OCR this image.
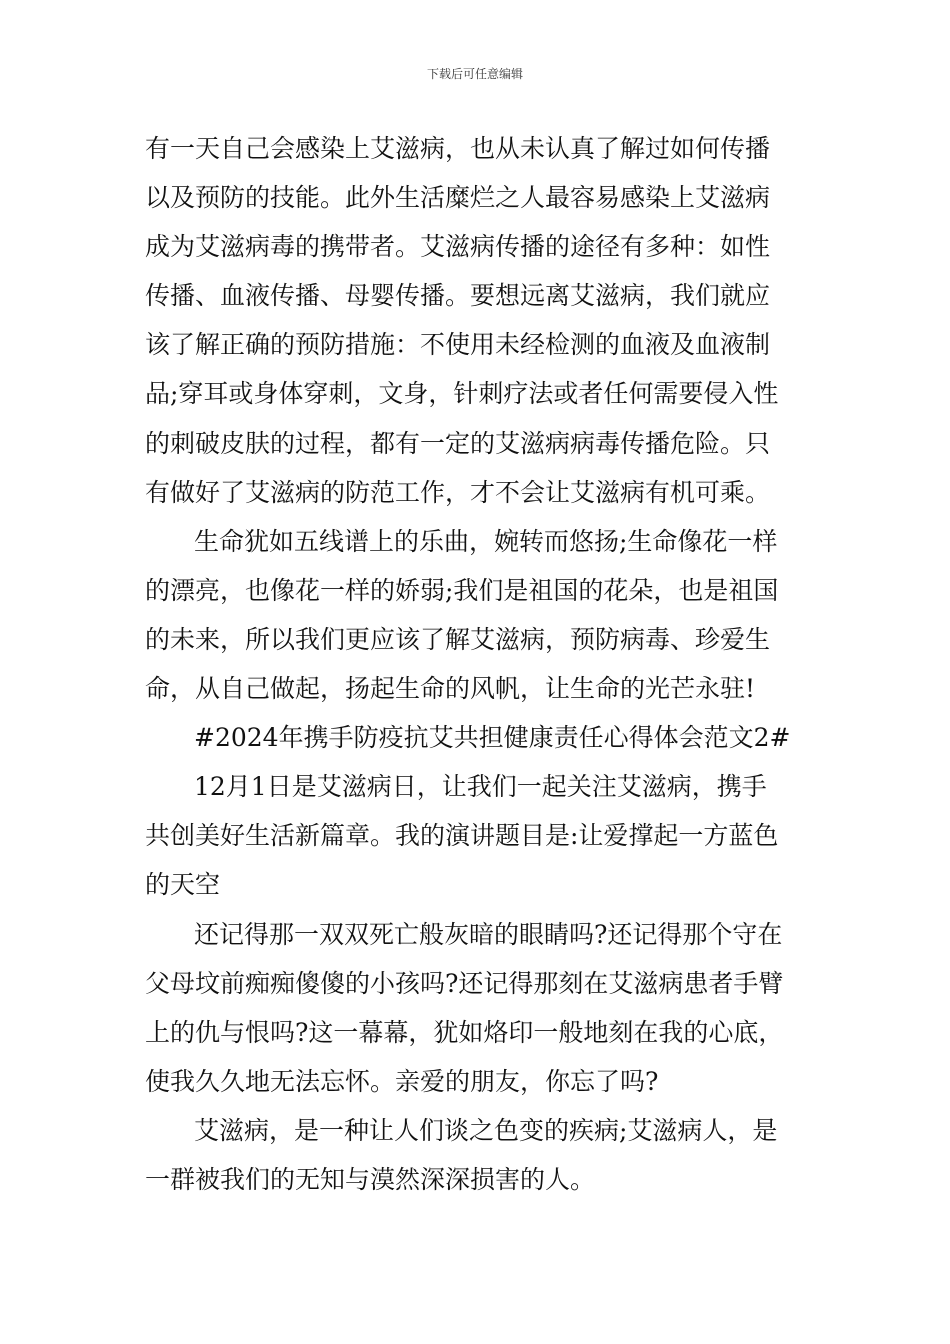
下载后可任意编辑
有一天自己会感染上艾滋病，也从未认真了解过如何传播
以及预防的技能。此外生活糜烂之人最容易感染上艾滋病
成为艾滋病毒的携带者。艾滋病传播的途径有多种：如性
传播、血液传播、母婴传播。要想远离艾滋病，我们就应
该了解正确的预防措施：不使用未经检测的血液及血液制
品;穿耳或身体穿刺，文身，针刺疗法或者任何需要侵入性
的刺破皮肤的过程，都有一定的艾滋病病毒传播危险。只
有做好了艾滋病的防范工作，才不会让艾滋病有机可乘。
生命犹如五线谱上的乐曲，婉转而悠扬;生命像花一样
的漂亮，也像花一样的娇弱;我们是祖国的花朵，也是祖国
的未来，所以我们更应该了解艾滋病，预防病毒、珍爱生
命，从自己做起，扬起生命的风帆，让生命的光芒永驻!
#2024年携手防疫抗艾共担健康责任心得体会范文2#
12月1日是艾滋病日，让我们一起关注艾滋病，携手
共创美好生活新篇章。我的演讲题目是:让爱撑起一方蓝色
的天空
还记得那一双双死亡般灰暗的眼睛吗?还记得那个守在
父母坟前痴痴傻傻的小孩吗?还记得那刻在艾滋病患者手臂
上的仇与恨吗?这一幕幕，犹如烙印一般地刻在我的心底，
使我久久地无法忘怀。亲爱的朋友，你忘了吗?
艾滋病，是一种让人们谈之色变的疾病;艾滋病人，是
一群被我们的无知与漠然深深损害的人。
